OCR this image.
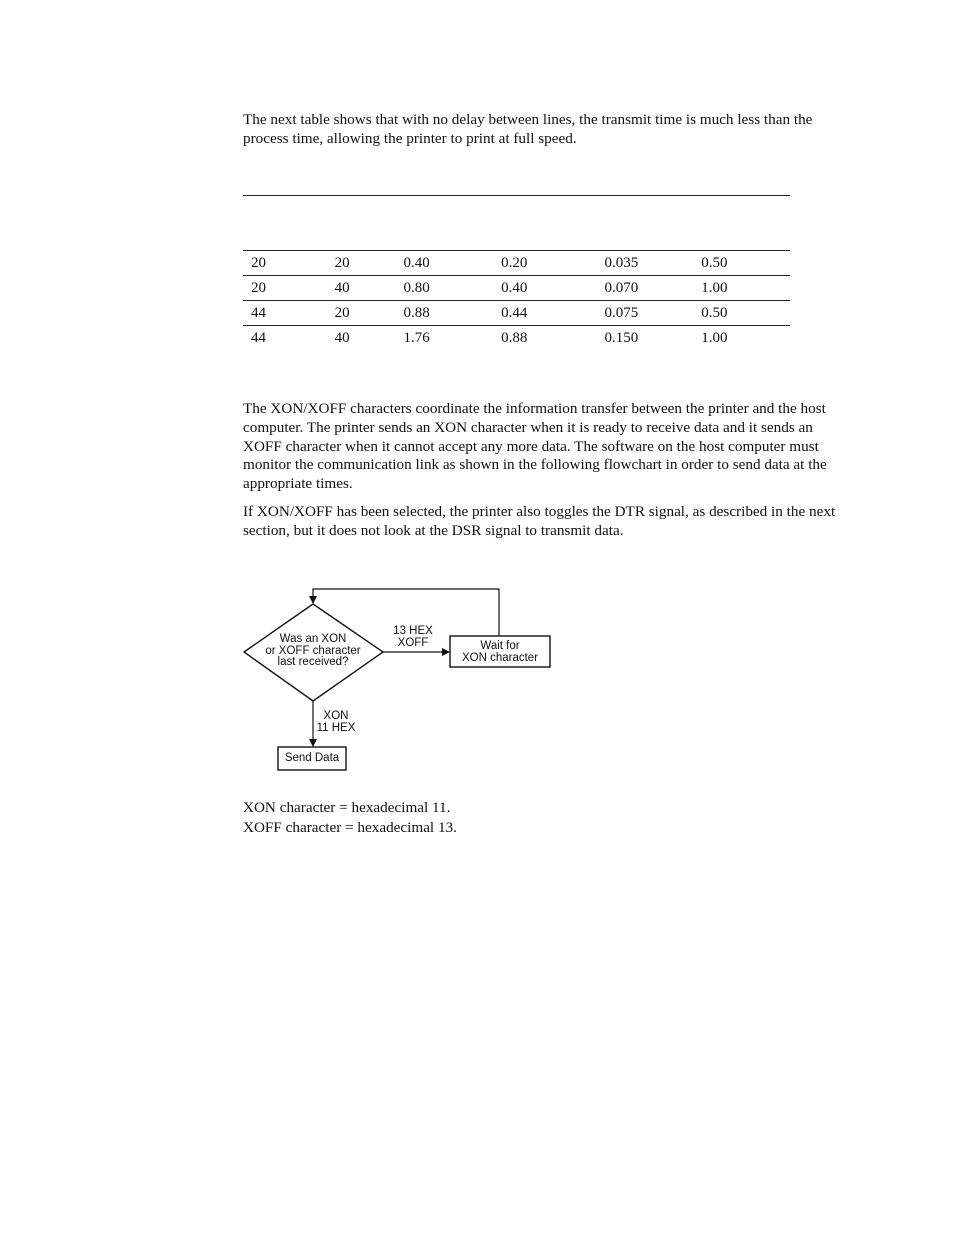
The next table shows that with no delay between lines, the transmit time is much less than the process time, allowing the printer to print at full speed.

20	20	0.40	0.20	0.035	0.50
20	40	0.80	0.40	0.070	1.00
44	20	0.88	0.44	0.075	0.50
44	40	1.76	0.88	0.150	1.00

The XON/XOFF characters coordinate the information transfer between the printer and the host computer. The printer sends an XON character when it is ready to receive data and it sends an XOFF character when it cannot accept any more data. The software on the host computer must monitor the communication link as shown in the following flowchart in order to send data at the appropriate times.

If XON/XOFF has been selected, the printer also toggles the DTR signal, as described in the next section, but it does not look at the DSR signal to transmit data.

Was an XON
or XOFF character
last received?
13 HEX
XOFF	Wait for
XON character
XON
11 HEX
Send Data
XON character = hexadecimal 11.
XOFF character = hexadecimal 13.
